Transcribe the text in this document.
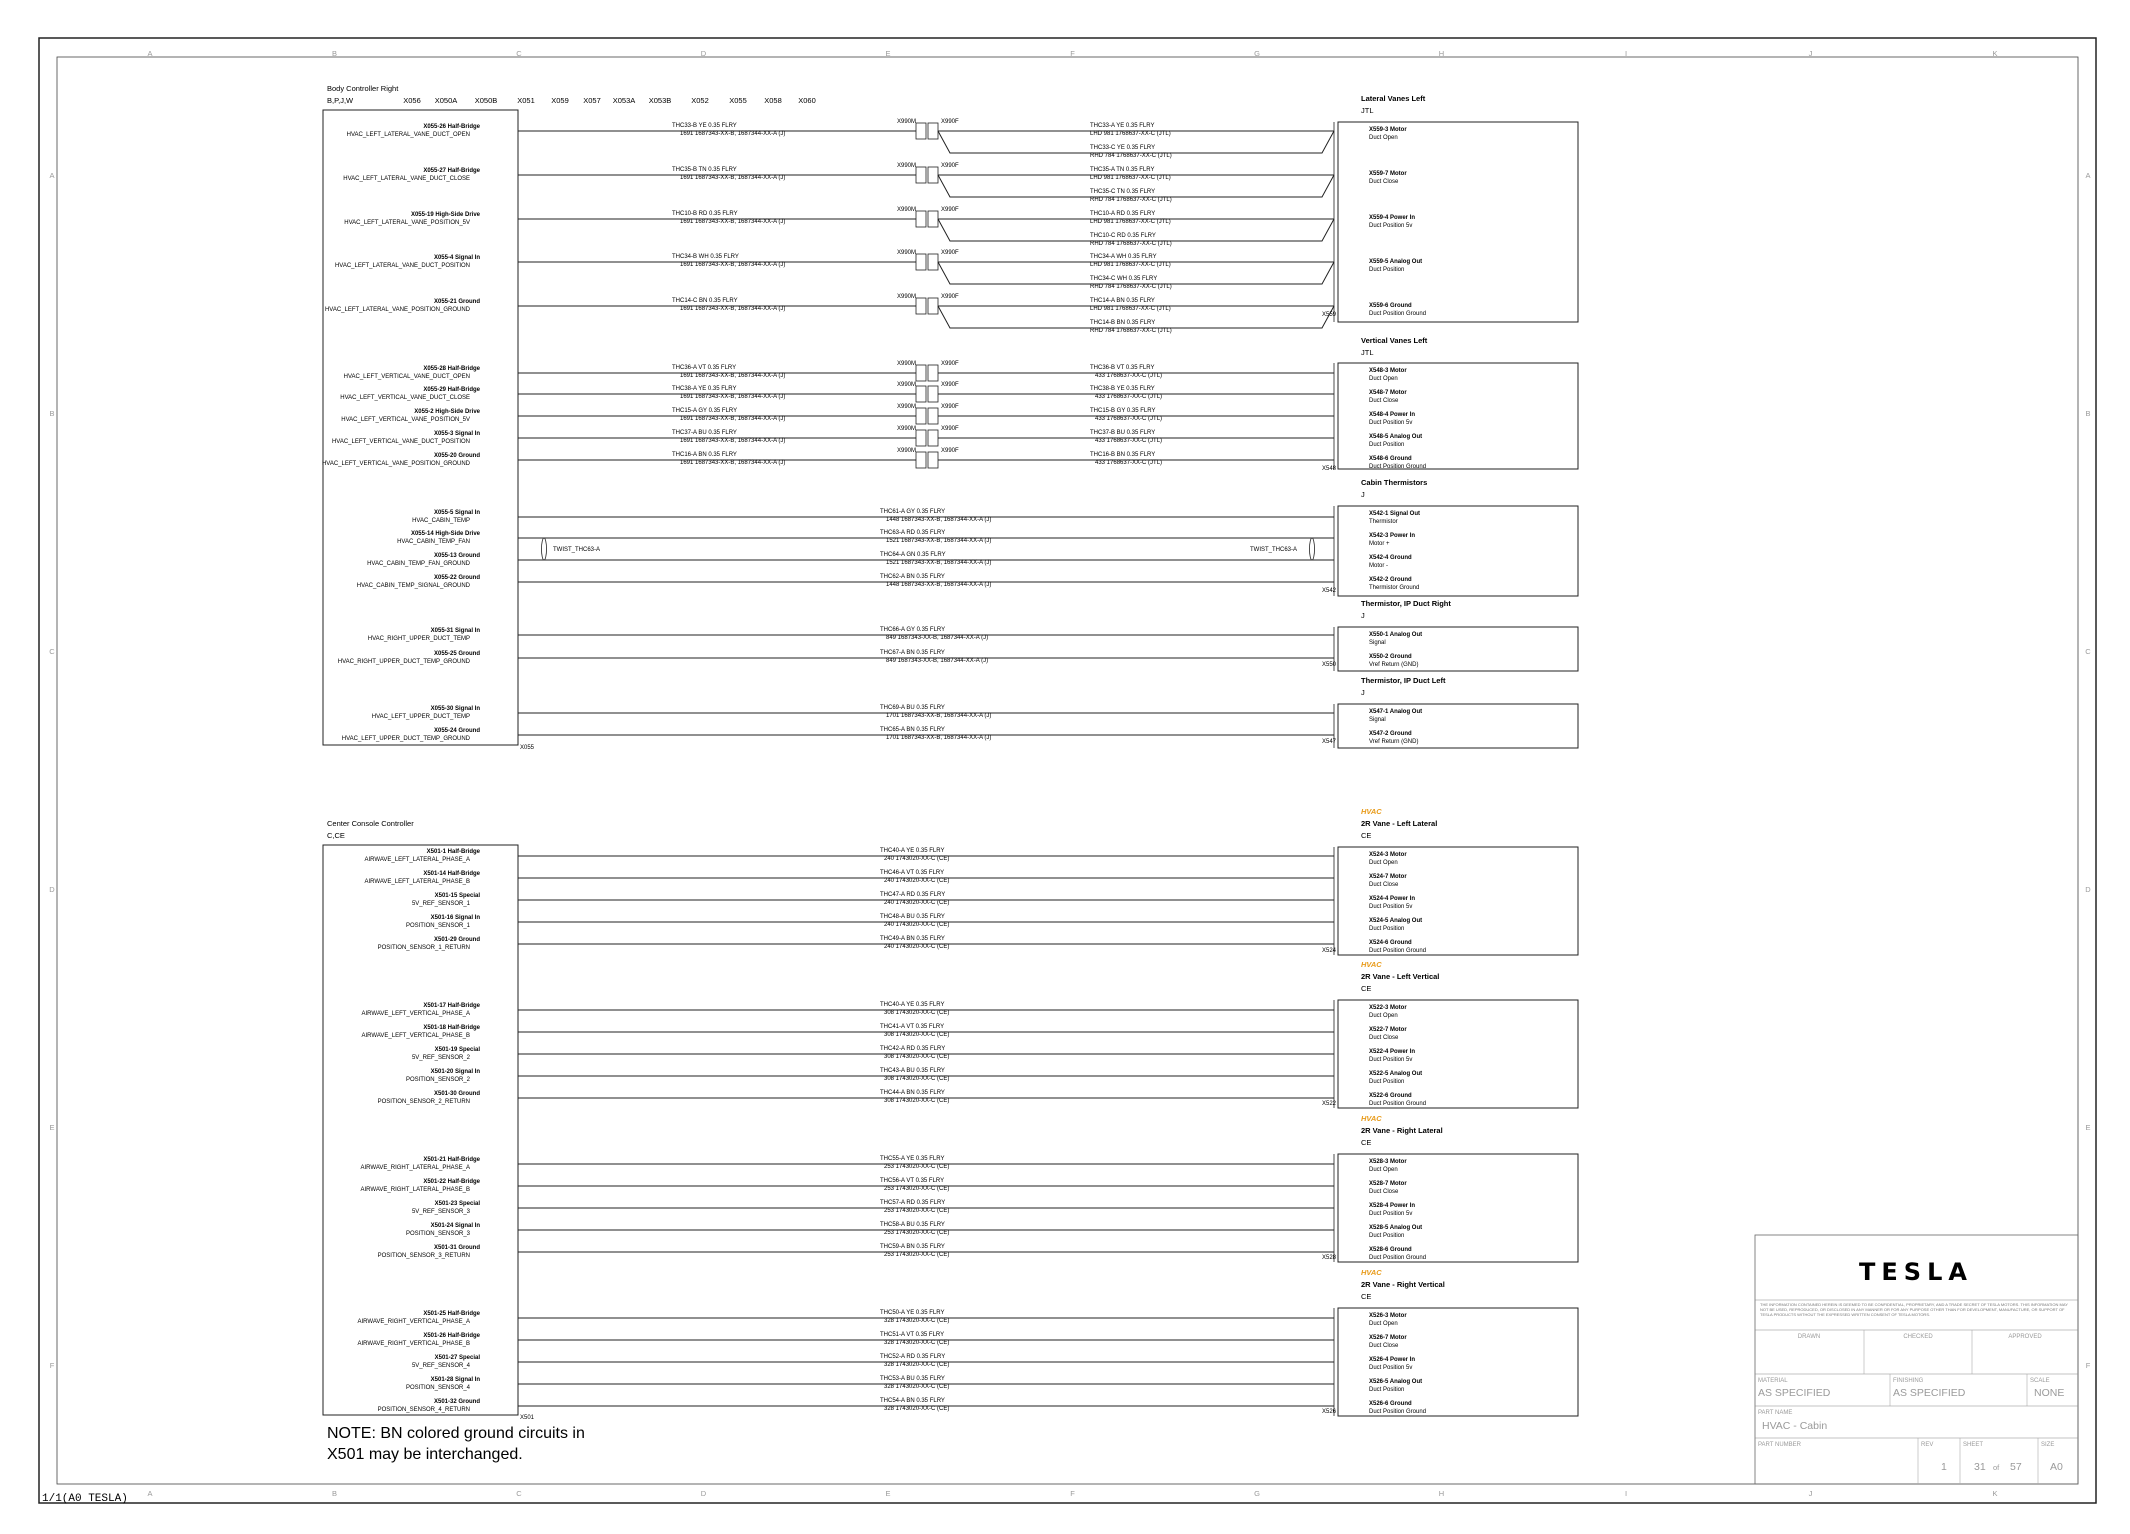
A
A
B
B
C
C
D
D
E
E
F
F
G
G
H
H
I
I
J
J
K
K
A	A
B	B
C	C
D	D
E	E
F	F
Body Controller Right
B,P,J,W	X056 X050A X050B	X051 X059 X057 X053A X053B	X052	X055 X058 X060
X055
Center Console Controller
C,CE
X501
NOTE: BN colored ground circuits in
X501 may be interchanged.
X055-26 Half-Bridge
HVAC_LEFT_LATERAL_VANE_DUCT_OPEN
X055-27 Half-Bridge
HVAC_LEFT_LATERAL_VANE_DUCT_CLOSE
X055-19 High-Side Drive
HVAC_LEFT_LATERAL_VANE_POSITION_5V
X055-4 Signal In
HVAC_LEFT_LATERAL_VANE_DUCT_POSITION
X055-21 Ground
HVAC_LEFT_LATERAL_VANE_POSITION_GROUND
X055-28 Half-Bridge
HVAC_LEFT_VERTICAL_VANE_DUCT_OPEN
X055-29 Half-Bridge
HVAC_LEFT_VERTICAL_VANE_DUCT_CLOSE
X055-2 High-Side Drive
HVAC_LEFT_VERTICAL_VANE_POSITION_5V
X055-3 Signal In
HVAC_LEFT_VERTICAL_VANE_DUCT_POSITION
X055-20 Ground
HVAC_LEFT_VERTICAL_VANE_POSITION_GROUND
X055-5 Signal In
HVAC_CABIN_TEMP
X055-14 High-Side Drive
HVAC_CABIN_TEMP_FAN
X055-13 Ground
HVAC_CABIN_TEMP_FAN_GROUND
X055-22 Ground
HVAC_CABIN_TEMP_SIGNAL_GROUND
X055-31 Signal In
HVAC_RIGHT_UPPER_DUCT_TEMP
X055-25 Ground
HVAC_RIGHT_UPPER_DUCT_TEMP_GROUND
X055-30 Signal In
HVAC_LEFT_UPPER_DUCT_TEMP
X055-24 Ground
HVAC_LEFT_UPPER_DUCT_TEMP_GROUND
X501-1 Half-Bridge
AIRWAVE_LEFT_LATERAL_PHASE_A
X501-14 Half-Bridge
AIRWAVE_LEFT_LATERAL_PHASE_B
X501-15 Special
5V_REF_SENSOR_1
X501-16 Signal In
POSITION_SENSOR_1
X501-29 Ground
POSITION_SENSOR_1_RETURN
X501-17 Half-Bridge
AIRWAVE_LEFT_VERTICAL_PHASE_A
X501-18 Half-Bridge
AIRWAVE_LEFT_VERTICAL_PHASE_B
X501-19 Special
5V_REF_SENSOR_2
X501-20 Signal In
POSITION_SENSOR_2
X501-30 Ground
POSITION_SENSOR_2_RETURN
X501-21 Half-Bridge
AIRWAVE_RIGHT_LATERAL_PHASE_A
X501-22 Half-Bridge
AIRWAVE_RIGHT_LATERAL_PHASE_B
X501-23 Special
5V_REF_SENSOR_3
X501-24 Signal In
POSITION_SENSOR_3
X501-31 Ground
POSITION_SENSOR_3_RETURN
X501-25 Half-Bridge
AIRWAVE_RIGHT_VERTICAL_PHASE_A
X501-26 Half-Bridge
AIRWAVE_RIGHT_VERTICAL_PHASE_B
X501-27 Special
5V_REF_SENSOR_4
X501-28 Signal In
POSITION_SENSOR_4
X501-32 Ground
POSITION_SENSOR_4_RETURN
X990M	X990F
THC33-B YE 0.35 FLRY
1691 1687343-XX-B, 1687344-XX-A (J)
THC33-A YE 0.35 FLRY
LHD 981 1768637-XX-C (JTL)
THC33-C YE 0.35 FLRY
RHD 784 1768637-XX-C (JTL)
X990M	X990F
THC35-B TN 0.35 FLRY
1691 1687343-XX-B, 1687344-XX-A (J)
THC35-A TN 0.35 FLRY
LHD 981 1768637-XX-C (JTL)
THC35-C TN 0.35 FLRY
RHD 784 1768637-XX-C (JTL)
X990M	X990F
THC10-B RD 0.35 FLRY
1691 1687343-XX-B, 1687344-XX-A (J)
THC10-A RD 0.35 FLRY
LHD 981 1768637-XX-C (JTL)
THC10-C RD 0.35 FLRY
RHD 784 1768637-XX-C (JTL)
X990M	X990F
THC34-B WH 0.35 FLRY
1691 1687343-XX-B, 1687344-XX-A (J)
THC34-A WH 0.35 FLRY
LHD 981 1768637-XX-C (JTL)
THC34-C WH 0.35 FLRY
RHD 784 1768637-XX-C (JTL)
X990M	X990F
THC14-C BN 0.35 FLRY
1691 1687343-XX-B, 1687344-XX-A (J)
THC14-A BN 0.35 FLRY
LHD 981 1768637-XX-C (JTL)
THC14-B BN 0.35 FLRY
RHD 784 1768637-XX-C (JTL)
X990M	X990F
THC36-A VT 0.35 FLRY
1691 1687343-XX-B, 1687344-XX-A (J)
THC36-B VT 0.35 FLRY
433 1768637-XX-C (JTL)
X990M	X990F
THC38-A YE 0.35 FLRY
1691 1687343-XX-B, 1687344-XX-A (J)
THC38-B YE 0.35 FLRY
433 1768637-XX-C (JTL)
X990M	X990F
THC15-A GY 0.35 FLRY
1691 1687343-XX-B, 1687344-XX-A (J)
THC15-B GY 0.35 FLRY
433 1768637-XX-C (JTL)
X990M	X990F
THC37-A BU 0.35 FLRY
1691 1687343-XX-B, 1687344-XX-A (J)
THC37-B BU 0.35 FLRY
433 1768637-XX-C (JTL)
X990M	X990F
THC16-A BN 0.35 FLRY
1691 1687343-XX-B, 1687344-XX-A (J)
THC16-B BN 0.35 FLRY
433 1768637-XX-C (JTL)
THC61-A GY 0.35 FLRY
1448 1687343-XX-B, 1687344-XX-A (J)
THC63-A RD 0.35 FLRY
1521 1687343-XX-B, 1687344-XX-A (J)
THC64-A GN 0.35 FLRY
1521 1687343-XX-B, 1687344-XX-A (J)
THC62-A BN 0.35 FLRY
1448 1687343-XX-B, 1687344-XX-A (J)
THC66-A GY 0.35 FLRY
849 1687343-XX-B, 1687344-XX-A (J)
THC67-A BN 0.35 FLRY
849 1687343-XX-B, 1687344-XX-A (J)
THC69-A BU 0.35 FLRY
1701 1687343-XX-B, 1687344-XX-A (J)
THC65-A BN 0.35 FLRY
1701 1687343-XX-B, 1687344-XX-A (J)
THC40-A YE 0.35 FLRY
240 1743020-XX-C (CE)
THC46-A VT 0.35 FLRY
240 1743020-XX-C (CE)
THC47-A RD 0.35 FLRY
240 1743020-XX-C (CE)
THC48-A BU 0.35 FLRY
240 1743020-XX-C (CE)
THC49-A BN 0.35 FLRY
240 1743020-XX-C (CE)
THC40-A YE 0.35 FLRY
308 1743020-XX-C (CE)
THC41-A VT 0.35 FLRY
308 1743020-XX-C (CE)
THC42-A RD 0.35 FLRY
308 1743020-XX-C (CE)
THC43-A BU 0.35 FLRY
308 1743020-XX-C (CE)
THC44-A BN 0.35 FLRY
308 1743020-XX-C (CE)
THC55-A YE 0.35 FLRY
253 1743020-XX-C (CE)
THC56-A VT 0.35 FLRY
253 1743020-XX-C (CE)
THC57-A RD 0.35 FLRY
253 1743020-XX-C (CE)
THC58-A BU 0.35 FLRY
253 1743020-XX-C (CE)
THC59-A BN 0.35 FLRY
253 1743020-XX-C (CE)
THC50-A YE 0.35 FLRY
328 1743020-XX-C (CE)
THC51-A VT 0.35 FLRY
328 1743020-XX-C (CE)
THC52-A RD 0.35 FLRY
328 1743020-XX-C (CE)
THC53-A BU 0.35 FLRY
328 1743020-XX-C (CE)
THC54-A BN 0.35 FLRY
328 1743020-XX-C (CE)
Lateral Vanes Left
JTL
X559-3 Motor
Duct Open
X559-7 Motor
Duct Close
X559-4 Power In
Duct Position 5v
X559-5 Analog Out
Duct Position
X559-6 Ground
Duct Position Ground
X559
Vertical Vanes Left
JTL
X548-3 Motor
Duct Open
X548-7 Motor
Duct Close
X548-4 Power In
Duct Position 5v
X548-5 Analog Out
Duct Position
X548-6 Ground
Duct Position Ground
X548
Cabin Thermistors
J
X542-1 Signal Out
Thermistor
X542-3 Power In
Motor +
X542-4 Ground
Motor -
X542-2 Ground
Thermistor Ground
X542
Thermistor, IP Duct Right
J
X550-1 Analog Out
Signal
X550-2 Ground
Vref Return (GND)
X550
Thermistor, IP Duct Left
J
X547-1 Analog Out
Signal
X547-2 Ground
Vref Return (GND)
X547
HVAC
2R Vane - Left Lateral
CE
X524-3 Motor
Duct Open
X524-7 Motor
Duct Close
X524-4 Power In
Duct Position 5v
X524-5 Analog Out
Duct Position
X524-6 Ground
Duct Position Ground
X524
HVAC
2R Vane - Left Vertical
CE
X522-3 Motor
Duct Open
X522-7 Motor
Duct Close
X522-4 Power In
Duct Position 5v
X522-5 Analog Out
Duct Position
X522-6 Ground
Duct Position Ground
X522
HVAC
2R Vane - Right Lateral
CE
X528-3 Motor
Duct Open
X528-7 Motor
Duct Close
X528-4 Power In
Duct Position 5v
X528-5 Analog Out
Duct Position
X528-6 Ground
Duct Position Ground
X528
HVAC
2R Vane - Right Vertical
CE
X526-3 Motor
Duct Open
X526-7 Motor
Duct Close
X526-4 Power In
Duct Position 5v
X526-5 Analog Out
Duct Position
X526-6 Ground
Duct Position Ground
X526
TWIST_THC63-A	TWIST_THC63-A
1/1(A0 TESLA)
TESLA
THE INFORMATION CONTAINED HEREIN IS DEEMED TO BE CONFIDENTIAL, PROPRIETARY, AND A TRADE SECRET OF TESLA MOTORS. THIS INFORMATION MAY NOT BE USED, REPRODUCED, OR DISCLOSED IN ANY MANNER OR FOR ANY PURPOSE OTHER THAN FOR DEVELOPMENT, MANUFACTURE, OR SUPPORT OF TESLA PRODUCTS WITHOUT THE EXPRESSED WRITTEN CONSENT OF TESLA MOTORS.
DRAWN	CHECKED	APPROVED
MATERIAL
AS SPECIFIED
FINISHING
AS SPECIFIED
SCALE
NONE
PART NAME
HVAC - Cabin
PART NUMBER	REV
1
SHEET
31 of 57
SIZE
A0
